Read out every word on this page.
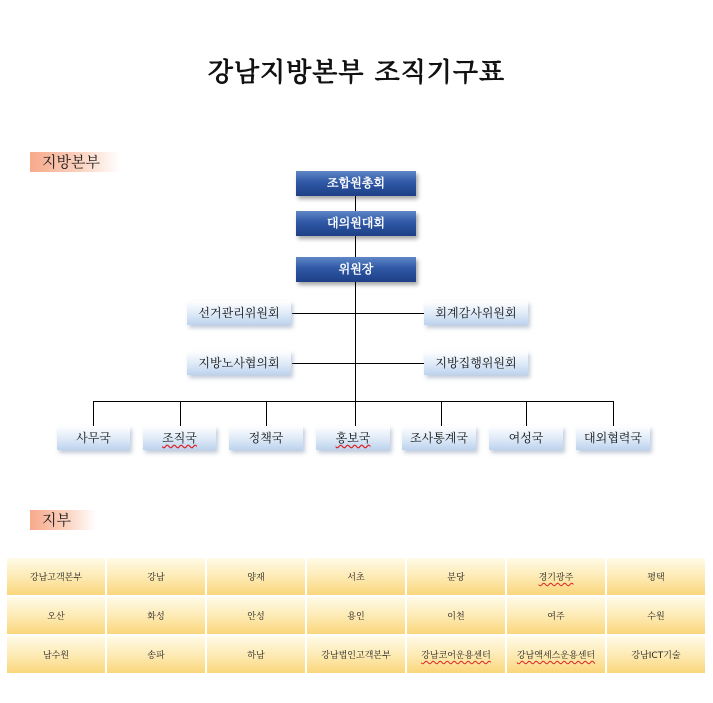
강남지방본부 조직기구표
지방본부
지부
조합원총회
대의원대회
위원장
선거관리위원회
지방노사협의회
회계감사위원회
지방집행위원회
사무국	조직국	정책국	홍보국	조사통계국	여성국	대외협력국
강남고객본부	강남	양재	서초	분당	경기광주	평택
오산	화성	안성	용인	이천	여주	수원
남수원	송파	하남	강남법인고객본부	강남코어운용센터	강남액세스운용센터	강남ICT기술
